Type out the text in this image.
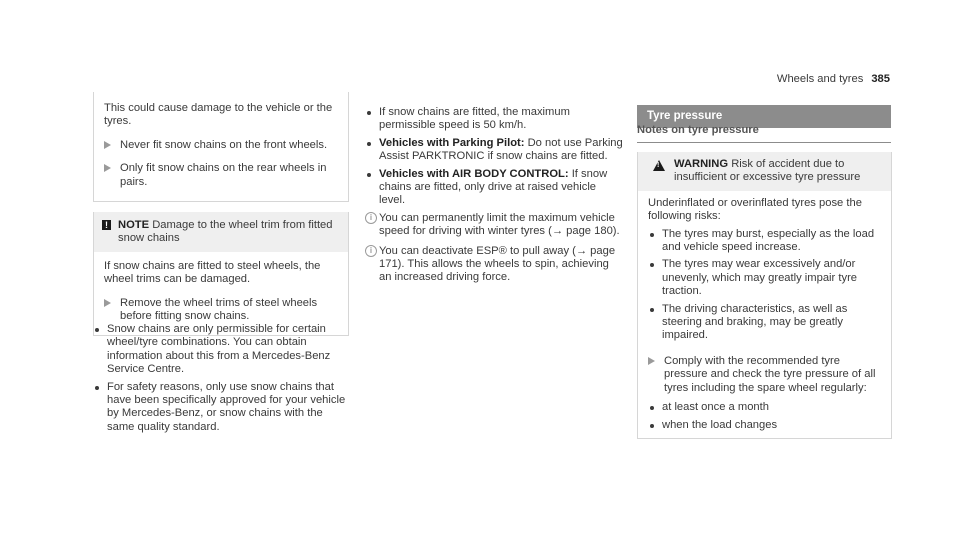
Wheels and tyres 385

This could cause damage to the vehicle or the tyres.

Never fit snow chains on the front wheels.
Only fit snow chains on the rear wheels in pairs.
! NOTE Damage to the wheel trim from fitted snow chains

If snow chains are fitted to steel wheels, the wheel trims can be damaged.

Remove the wheel trims of steel wheels before fitting snow chains.
Snow chains are only permissible for certain wheel/tyre combinations. You can obtain information about this from a Mercedes-Benz Service Centre.
For safety reasons, only use snow chains that have been specifically approved for your vehicle by Mercedes-Benz, or snow chains with the same quality standard.
If snow chains are fitted, the maximum permissible speed is 50 km/h.
Vehicles with Parking Pilot: Do not use Parking Assist PARKTRONIC if snow chains are fitted.
Vehicles with AIR BODY CONTROL: If snow chains are fitted, only drive at raised vehicle level.
i You can permanently limit the maximum vehicle speed for driving with winter tyres (→ page 180).
i You can deactivate ESP® to pull away (→ page 171). This allows the wheels to spin, achieving an increased driving force.
Tyre pressure
Notes on tyre pressure
! WARNING Risk of accident due to insufficient or excessive tyre pressure

Underinflated or overinflated tyres pose the following risks:

The tyres may burst, especially as the load and vehicle speed increase.
The tyres may wear excessively and/or unevenly, which may greatly impair tyre traction.
The driving characteristics, as well as steering and braking, may be greatly impaired.
Comply with the recommended tyre pressure and check the tyre pressure of all tyres including the spare wheel regularly:
at least once a month
when the load changes
